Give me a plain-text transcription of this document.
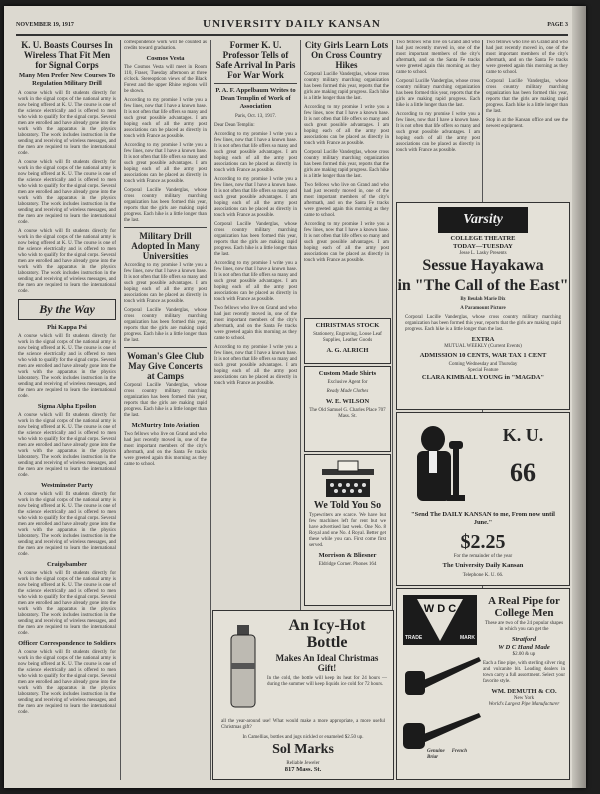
NOVEMBER 19, 1917	UNIVERSITY DAILY KANSAN	PAGE 3
K. U. Boasts Courses In Wireless That Fit Men for Signal Corps
Many Men Prefer New Courses To Regulation Military Drill
A course which will fit students directly for work in the signal corps of the national army is now being offered at K. U. The course is one of the science electrically and is offered to men who wish to qualify for the signal corps. Several men are enrolled and have already gone into the work with the apparatus in the physics laboratory. The work includes instruction in the sending and receiving of wireless messages, and the men are required to learn the international code.
A course which will fit students directly for work in the signal corps of the national army is now being offered at K. U. The course is one of the science electrically and is offered to men who wish to qualify for the signal corps. Several men are enrolled and have already gone into the work with the apparatus in the physics laboratory. The work includes instruction in the sending and receiving of wireless messages, and the men are required to learn the international code.
A course which will fit students directly for work in the signal corps of the national army is now being offered at K. U. The course is one of the science electrically and is offered to men who wish to qualify for the signal corps. Several men are enrolled and have already gone into the work with the apparatus in the physics laboratory. The work includes instruction in the sending and receiving of wireless messages, and the men are required to learn the international code.
By the Way
Phi Kappa Psi
A course which will fit students directly for work in the signal corps of the national army is now being offered at K. U. The course is one of the science electrically and is offered to men who wish to qualify for the signal corps. Several men are enrolled and have already gone into the work with the apparatus in the physics laboratory. The work includes instruction in the sending and receiving of wireless messages, and the men are required to learn the international code.
Sigma Alpha Epsilon
A course which will fit students directly for work in the signal corps of the national army is now being offered at K. U. The course is one of the science electrically and is offered to men who wish to qualify for the signal corps. Several men are enrolled and have already gone into the work with the apparatus in the physics laboratory. The work includes instruction in the sending and receiving of wireless messages, and the men are required to learn the international code.
Westminster Party
A course which will fit students directly for work in the signal corps of the national army is now being offered at K. U. The course is one of the science electrically and is offered to men who wish to qualify for the signal corps. Several men are enrolled and have already gone into the work with the apparatus in the physics laboratory. The work includes instruction in the sending and receiving of wireless messages, and the men are required to learn the international code.
Craigsbamber
A course which will fit students directly for work in the signal corps of the national army is now being offered at K. U. The course is one of the science electrically and is offered to men who wish to qualify for the signal corps. Several men are enrolled and have already gone into the work with the apparatus in the physics laboratory. The work includes instruction in the sending and receiving of wireless messages, and the men are required to learn the international code.
Officer Correspondence to Soldiers
A course which will fit students directly for work in the signal corps of the national army is now being offered at K. U. The course is one of the science electrically and is offered to men who wish to qualify for the signal corps. Several men are enrolled and have already gone into the work with the apparatus in the physics laboratory. The work includes instruction in the sending and receiving of wireless messages, and the men are required to learn the international code.
correspondence work will be counted as credits toward graduation.
Cosmos Vesta
The Cosmos Vesta will meet in Room 110, Fraser, Tuesday afternoon at three o'clock. Stereopticon views of the Black Forest and the upper Rhine regions will be shown.
According to my promise I write you a few lines, now that I have a known base. It is not often that life offers so many and such great possible advantages. I am hoping each of all the army post associations can be placed as directly in touch with France as possible.
According to my promise I write you a few lines, now that I have a known base. It is not often that life offers so many and such great possible advantages. I am hoping each of all the army post associations can be placed as directly in touch with France as possible.
Corporal Lucille Vanderglas, whose cross country military marching organization has been formed this year, reports that the girls are making rapid progress. Each hike is a little longer than the last.
Military Drill Adopted In Many Universities
According to my promise I write you a few lines, now that I have a known base. It is not often that life offers so many and such great possible advantages. I am hoping each of all the army post associations can be placed as directly in touch with France as possible.
Corporal Lucille Vanderglas, whose cross country military marching organization has been formed this year, reports that the girls are making rapid progress. Each hike is a little longer than the last.
Woman's Glee Club May Give Concerts at Camps
Corporal Lucille Vanderglas, whose cross country military marching organization has been formed this year, reports that the girls are making rapid progress. Each hike is a little longer than the last.
McMurtry Into Aviation
Two fellows who live on Grand and who had just recently moved in, one of the most important members of the city's aftermath, and on the Santa Fe tracks were greeted again this morning as they came to school.
Former K. U. Professor Tells of Safe Arrival In Paris For War Work
P. A. F. Appelbaum Writes to Dean Templin of Work of Association
Paris, Oct. 13, 1917.
Dear Dean Templin:
According to my promise I write you a few lines, now that I have a known base. It is not often that life offers so many and such great possible advantages. I am hoping each of all the army post associations can be placed as directly in touch with France as possible.
According to my promise I write you a few lines, now that I have a known base. It is not often that life offers so many and such great possible advantages. I am hoping each of all the army post associations can be placed as directly in touch with France as possible.
Corporal Lucille Vanderglas, whose cross country military marching organization has been formed this year, reports that the girls are making rapid progress. Each hike is a little longer than the last.
According to my promise I write you a few lines, now that I have a known base. It is not often that life offers so many and such great possible advantages. I am hoping each of all the army post associations can be placed as directly in touch with France as possible.
Two fellows who live on Grand and who had just recently moved in, one of the most important members of the city's aftermath, and on the Santa Fe tracks were greeted again this morning as they came to school.
According to my promise I write you a few lines, now that I have a known base. It is not often that life offers so many and such great possible advantages. I am hoping each of all the army post associations can be placed as directly in touch with France as possible.
City Girls Learn Lots On Cross Country Hikes
Corporal Lucille Vanderglas, whose cross country military marching organization has been formed this year, reports that the girls are making rapid progress. Each hike is a little longer than the last.
According to my promise I write you a few lines, now that I have a known base. It is not often that life offers so many and such great possible advantages. I am hoping each of all the army post associations can be placed as directly in touch with France as possible.
Corporal Lucille Vanderglas, whose cross country military marching organization has been formed this year, reports that the girls are making rapid progress. Each hike is a little longer than the last.
Two fellows who live on Grand and who had just recently moved in, one of the most important members of the city's aftermath, and on the Santa Fe tracks were greeted again this morning as they came to school.
According to my promise I write you a few lines, now that I have a known base. It is not often that life offers so many and such great possible advantages. I am hoping each of all the army post associations can be placed as directly in touch with France as possible.
Two fellows who live on Grand and who had just recently moved in, one of the most important members of the city's aftermath, and on the Santa Fe tracks were greeted again this morning as they came to school.
Corporal Lucille Vanderglas, whose cross country military marching organization has been formed this year, reports that the girls are making rapid progress. Each hike is a little longer than the last.
According to my promise I write you a few lines, now that I have a known base. It is not often that life offers so many and such great possible advantages. I am hoping each of all the army post associations can be placed as directly in touch with France as possible.
Two fellows who live on Grand and who had just recently moved in, one of the most important members of the city's aftermath, and on the Santa Fe tracks were greeted again this morning as they came to school.
Corporal Lucille Vanderglas, whose cross country military marching organization has been formed this year, reports that the girls are making rapid progress. Each hike is a little longer than the last.
Stop in at the Kansan office and see the newest equipment.
CHRISTMAS STOCK
Stationery, Engraving, Loose Leaf Supplies, Leather Goods
A. G. ALRICH
Custom Made Shirts
Exclusive Agent for
Ready Made Clothes
W. E. WILSON
The Old Samuel G. Charles Place 707 Mass. St.
We Told You So
Typewriters are scarce. We have but few machines left for rent but we have advertised last week. One No. 8 Royal and one No. 4 Royal. Better get these while you can. First come first served.
Morrison & Bliesner
Eldridge Corner. Phones 164
An Icy-Hot Bottle
Makes An Ideal Christmas Gift!
In the cold, the bottle will keep its heat for 24 hours — during the summer will keep liquids ice cold for 72 hours.
all the year-around use! What would make a more appropriate, a more useful Christmas gift?
In Camellias, bottles and jugs nickled or enameled $2.50 up.
Sol Marks
Reliable Jeweler
817 Mass. St.
Varsity
COLLEGE THEATRE
TODAY—TUESDAY
Jesse L. Lasky Presents
Sessue Hayakawa
in "The Call of the East"
By Beulah Marie Dix
A Paramount Picture
Corporal Lucille Vanderglas, whose cross country military marching organization has been formed this year, reports that the girls are making rapid progress. Each hike is a little longer than the last.
EXTRA
MUTUAL WEEKLY (Current Events)
ADMISSION 10 CENTS, WAR TAX 1 CENT
Coming Wednesday and Thursday
Special Feature
CLARA KIMBALL YOUNG in "MAGDA"
K. U.
66
"Send The DAILY KANSAN to me, From now until June."
$2.25
For the remainder of the year
The University Daily Kansan
Telephone K. U. 66.
W D C
TRADE	MARK
A Real Pipe for College Men
These are two of the 24 popular shapes in which you can get the
Stratford
W D C Hand Made
$2.00 & up
Each a fine pipe, with sterling silver ring and vulcanite bit. Leading dealers in town carry a full assortment. Select your favorite style.
WM. DEMUTH & CO.
New York
World's Largest Pipe Manufacturer
Genuine French Briar
